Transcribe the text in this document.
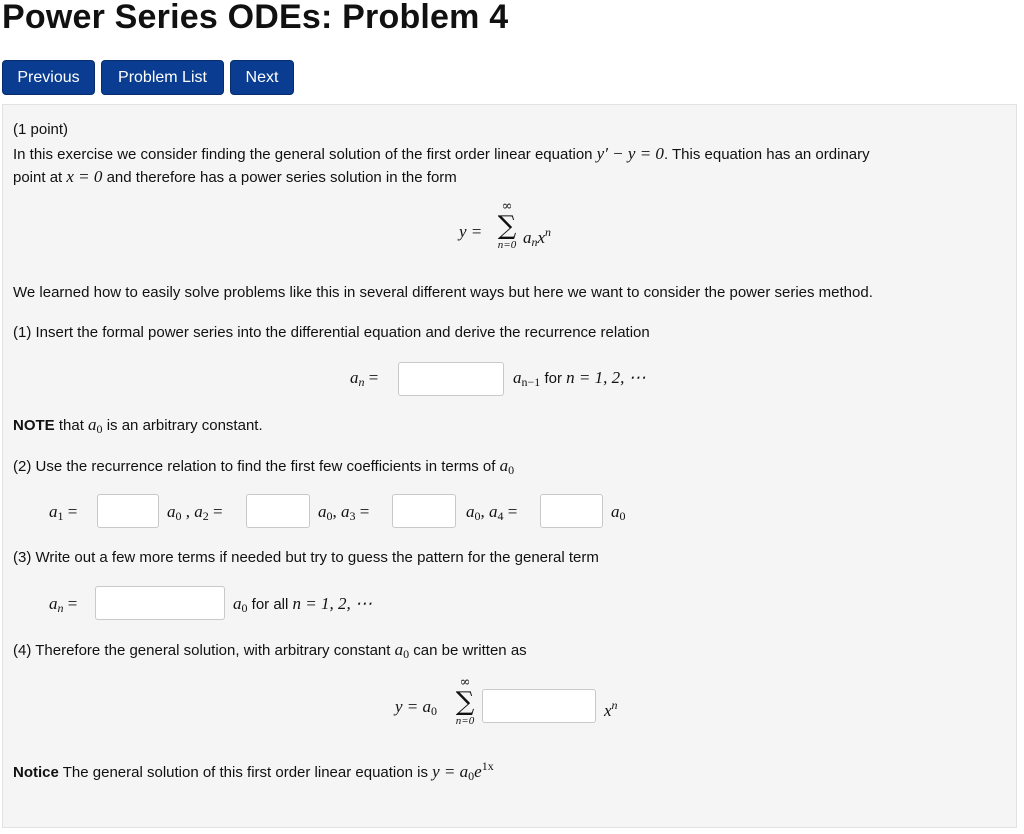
Power Series ODEs: Problem 4
Previous	Problem List	Next
(1 point)
In this exercise we consider finding the general solution of the first order linear equation y′ − y = 0. This equation has an ordinary
point at x = 0 and therefore has a power series solution in the form
y =
∞
∑
n=0 $a_nx^n$
We learned how to easily solve problems like this in several different ways but here we want to consider the power series method.
(1) Insert the formal power series into the differential equation and derive the recurrence relation
$a_n$ =	$a_{n-1}$ for n = 1, 2, ⋯
NOTE that $a_0$ is an arbitrary constant.
(2) Use the recurrence relation to find the first few coefficients in terms of $a_0$
$a_1$ =	$a_0$ , $a_2$ =	$a_0$, $a_3$ =	$a_0$, $a_4$ =	$a_0$
(3) Write out a few more terms if needed but try to guess the pattern for the general term
$a_n$ =	$a_0$ for all n = 1, 2, ⋯
(4) Therefore the general solution, with arbitrary constant $a_0$ can be written as
$y = a_0$
∞
∑
n=0
$x^n$
Notice The general solution of this first order linear equation is $y = a_0e^{1x}$
